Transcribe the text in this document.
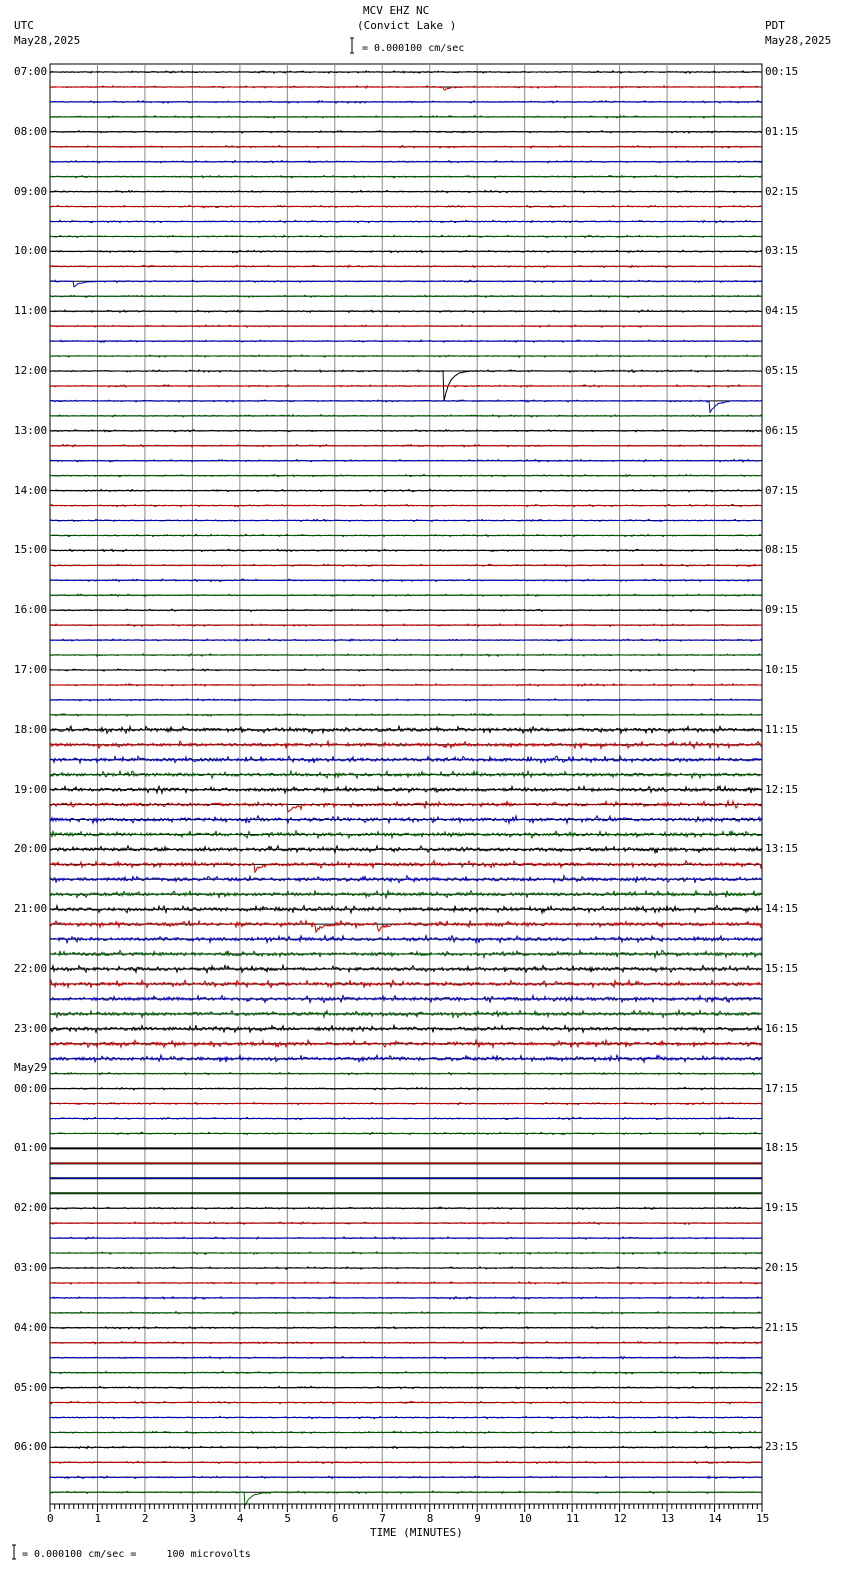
MCV EHZ NC
(Convict Lake )
UTC
May28,2025
PDT
May28,2025
= 0.000100 cm/sec
TIME (MINUTES)
= 0.000100 cm/sec =     100 microvolts
May29
0	1	2	3	4	5	6	7	8	9	10	11	12	13	14	15
07:00
08:00
09:00
10:00
11:00
12:00
13:00
14:00
15:00
16:00
17:00
18:00
19:00
20:00
21:00
22:00
23:00
00:00
01:00
02:00
03:00
04:00
05:00
06:00
00:15
01:15
02:15
03:15
04:15
05:15
06:15
07:15
08:15
09:15
10:15
11:15
12:15
13:15
14:15
15:15
16:15
17:15
18:15
19:15
20:15
21:15
22:15
23:15
